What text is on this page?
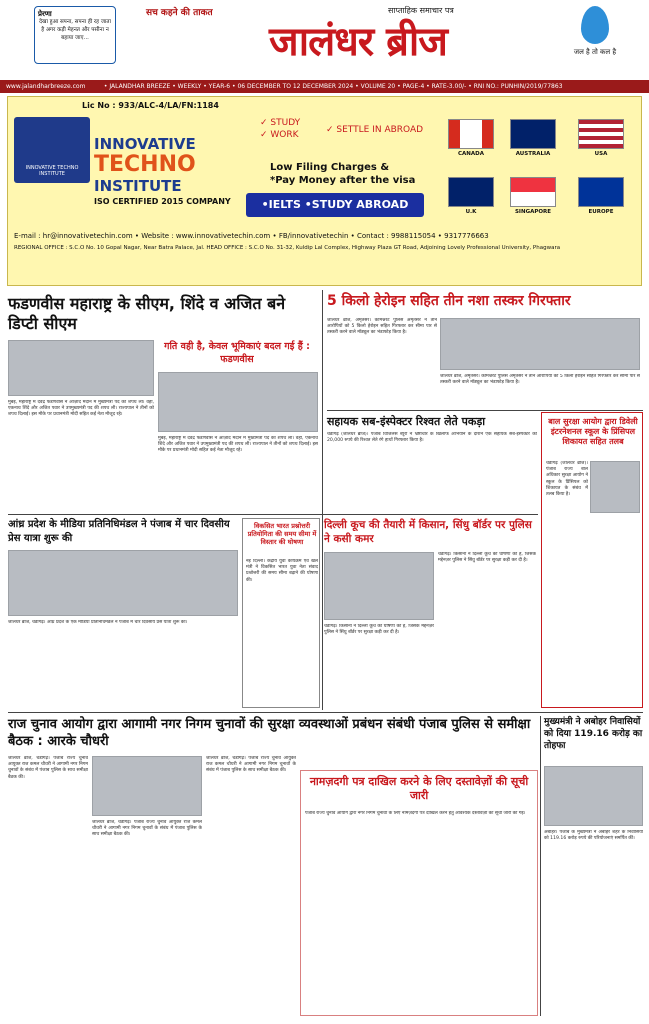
प्रेरणा
देखा हुआ सपना, सपना ही रह जाता है अगर कड़ी मेहनत और पसीना न बहाया जाए...
सच कहने की ताकत	साप्ताहिक समाचार पत्र
जालंधर ब्रीज	जल है तो कल है
www.jalandharbreeze.com	• JALANDHAR BREEZE • WEEKLY • YEAR-6 • 06 DECEMBER TO 12 DECEMBER 2024 • VOLUME 20 • PAGE-4 • RATE-3.00/- • RNI NO.: PUNHIN/2019/77863
Lic No : 933/ALC-4/LA/FN:1184
INNOVATIVE TECHNO INSTITUTE
INNOVATIVE
TECHNO
INSTITUTE
ISO CERTIFIED 2015 COMPANY
✓ STUDY
✓ WORK	✓ SETTLE IN ABROAD
Low Filing Charges &
*Pay Money after the visa
•IELTS •STUDY ABROAD
CANADA	AUSTRALIA	USA
U.K	SINGAPORE	EUROPE
E-mail : hr@innovativetechin.com • Website : www.innovativetechin.com • FB/innovativetechin • Contact : 9988115054 • 9317776663
REGIONAL OFFICE : S.C.O No. 10 Gopal Nagar, Near Batra Palace, Jal. HEAD OFFICE : S.C.O No. 31-32, Kuldip Lal Complex, Highway Plaza GT Road, Adjoining Lovely Professional University, Phagwara
फडणवीस महाराष्ट्र के सीएम, शिंदे व अजित बने डिप्टी सीएम
गति वही है, केवल भूमिकाएं बदल गई हैं : फडणवीस
मुंबई, महाराष्ट्र में देवेंद्र फडणवीस ने आज़ाद मैदान में मुख्यमंत्री पद की शपथ ली। वहीं, एकनाथ शिंदे और अजित पवार ने उपमुख्यमंत्री पद की शपथ ली। राज्यपाल ने तीनों को शपथ दिलाई। इस मौके पर प्रधानमंत्री मोदी सहित कई नेता मौजूद रहे।
मुंबई, महाराष्ट्र में देवेंद्र फडणवीस ने आज़ाद मैदान में मुख्यमंत्री पद की शपथ ली। वहीं, एकनाथ शिंदे और अजित पवार ने उपमुख्यमंत्री पद की शपथ ली। राज्यपाल ने तीनों को शपथ दिलाई। इस मौके पर प्रधानमंत्री मोदी सहित कई नेता मौजूद रहे।
5 किलो हेरोइन सहित तीन नशा तस्कर गिरफ्तार
जालंधर ब्रीज, अमृतसर। कमिश्नरेट पुलिस अमृतसर ने तीन आरोपियों को 5 किलो हेरोइन सहित गिरफ्तार कर सीमा पार से तस्करी करने वाले मॉड्यूल का भंडाफोड़ किया है।
जालंधर ब्रीज, अमृतसर। कमिश्नरेट पुलिस अमृतसर ने तीन आरोपियों को 5 किलो हेरोइन सहित गिरफ्तार कर सीमा पार से तस्करी करने वाले मॉड्यूल का भंडाफोड़ किया है।
सहायक सब-इंस्पेक्टर रिश्वत लेते पकड़ा
चंडीगढ़ (जालंधर ब्रीज)। पंजाब विजिलेंस ब्यूरो ने भ्रष्टाचार के खिलाफ अभियान के दौरान एक सहायक सब-इंस्पेक्टर को 20,000 रुपये की रिश्वत लेते रंगे हाथों गिरफ्तार किया है।
बाल सुरक्षा आयोग द्वारा डिवेली इंटरनेशनल स्कूल के प्रिंसिपल शिकायत सहित तलब
चंडीगढ़ (जालंधर ब्रीज)। पंजाब राज्य बाल अधिकार सुरक्षा आयोग ने स्कूल के प्रिंसिपल को शिकायत के संबंध में तलब किया है।
आंध्र प्रदेश के मीडिया प्रतिनिधिमंडल ने पंजाब में चार दिवसीय प्रेस यात्रा शुरू की
जालंधर ब्रीज, चंडीगढ़। आंध्र प्रदेश के एक मीडिया प्रतिनिधिमंडल ने पंजाब में चार दिवसीय प्रेस यात्रा शुरू की।
विकसित भारत प्रश्नोत्तरी प्रतियोगिता की समय सीमा में विस्तार की घोषणा
नई दिल्ली। केंद्रीय युवा कार्यक्रम एवं खेल मंत्री ने विकसित भारत युवा नेता संवाद प्रश्नोत्तरी की समय सीमा बढ़ाने की घोषणा की।
दिल्ली कूच की तैयारी में किसान, सिंधु बॉर्डर पर पुलिस ने कसी कमर
चंडीगढ़। किसानों ने दिल्ली कूच की घोषणा की है, जिसके मद्देनज़र पुलिस ने सिंधु बॉर्डर पर सुरक्षा कड़ी कर दी है।
चंडीगढ़। किसानों ने दिल्ली कूच की घोषणा की है, जिसके मद्देनज़र पुलिस ने सिंधु बॉर्डर पर सुरक्षा कड़ी कर दी है।
राज चुनाव आयोग द्वारा आगामी नगर निगम चुनावों की सुरक्षा व्यवस्थाओं प्रबंधन संबंधी पंजाब पुलिस से समीक्षा बैठक : आरके चौधरी
जालंधर ब्रीज, चंडीगढ़। पंजाब राज्य चुनाव आयुक्त राज कमल चौधरी ने आगामी नगर निगम चुनावों के संबंध में पंजाब पुलिस के साथ समीक्षा बैठक की।
जालंधर ब्रीज, चंडीगढ़। पंजाब राज्य चुनाव आयुक्त राज कमल चौधरी ने आगामी नगर निगम चुनावों के संबंध में पंजाब पुलिस के साथ समीक्षा बैठक की।
जालंधर ब्रीज, चंडीगढ़। पंजाब राज्य चुनाव आयुक्त राज कमल चौधरी ने आगामी नगर निगम चुनावों के संबंध में पंजाब पुलिस के साथ समीक्षा बैठक की।
नामज़दगी पत्र दाखिल करने के लिए दस्तावेज़ों की सूची जारी
पंजाब राज्य चुनाव आयोग द्वारा नगर निगम चुनावों के लिए नामज़दगी पत्र दाखिल करने हेतु आवश्यक दस्तावेज़ों की सूची जारी की गई।
मुख्यमंत्री ने अबोहर निवासियों को दिया 119.16 करोड़ का तोहफा
अबोहर। पंजाब के मुख्यमंत्री ने अबोहर शहर के निवासियों को 119.16 करोड़ रुपये की परियोजनाएं समर्पित कीं।
